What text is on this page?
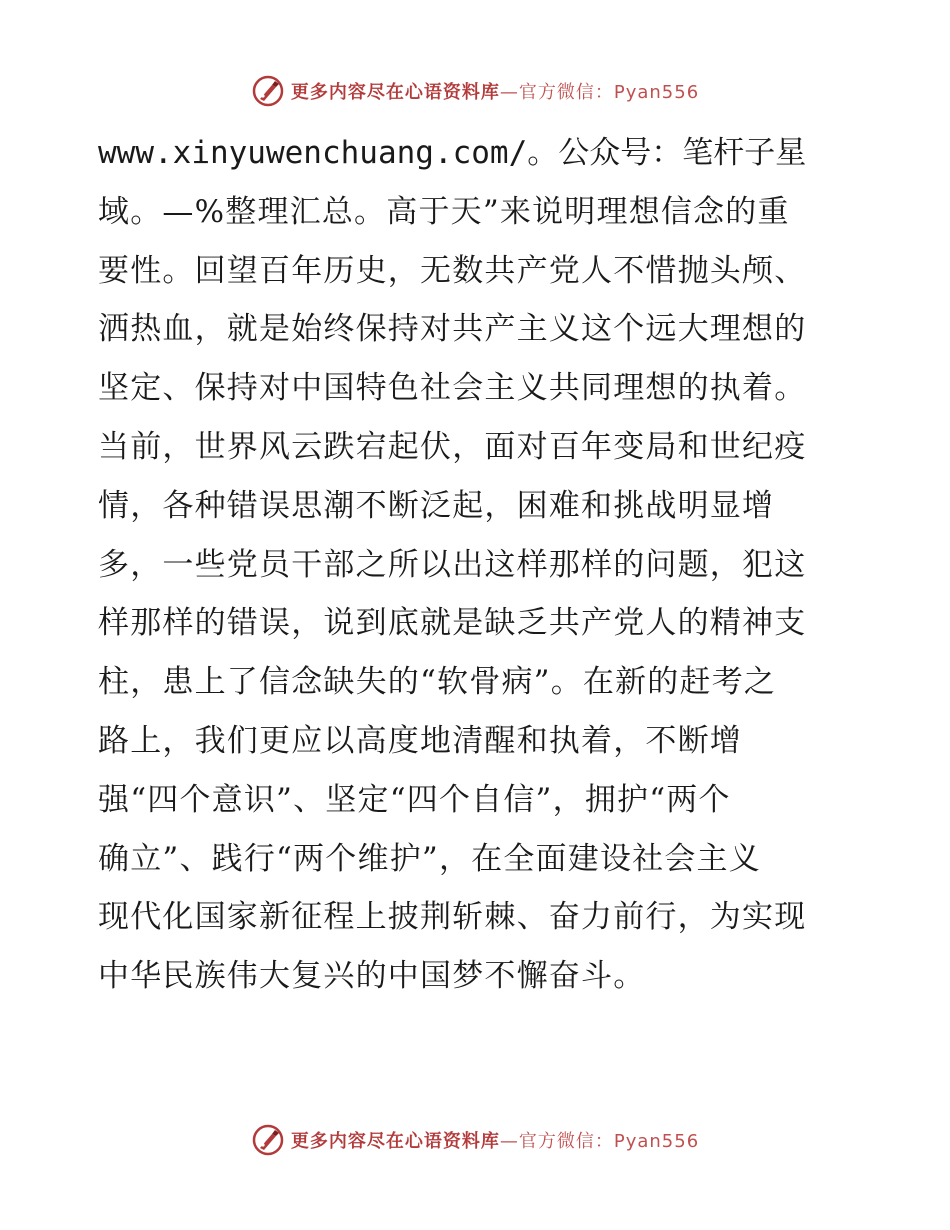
更多内容尽在心语资料库—官方微信：Pyan556
www.xinyuwenchuang.com/。公众号：笔杆子星
域。—%整理汇总。高于天”来说明理想信念的重
要性。回望百年历史，无数共产党人不惜抛头颅、
洒热血，就是始终保持对共产主义这个远大理想的
坚定、保持对中国特色社会主义共同理想的执着。
当前，世界风云跌宕起伏，面对百年变局和世纪疫
情，各种错误思潮不断泛起，困难和挑战明显增
多，一些党员干部之所以出这样那样的问题，犯这
样那样的错误，说到底就是缺乏共产党人的精神支
柱，患上了信念缺失的“软骨病”。在新的赶考之
路上，我们更应以高度地清醒和执着，不断增
强“四个意识”、坚定“四个自信”，拥护“两个
确立”、践行“两个维护”，在全面建设社会主义
现代化国家新征程上披荆斩棘、奋力前行，为实现
中华民族伟大复兴的中国梦不懈奋斗。
更多内容尽在心语资料库—官方微信：Pyan556
